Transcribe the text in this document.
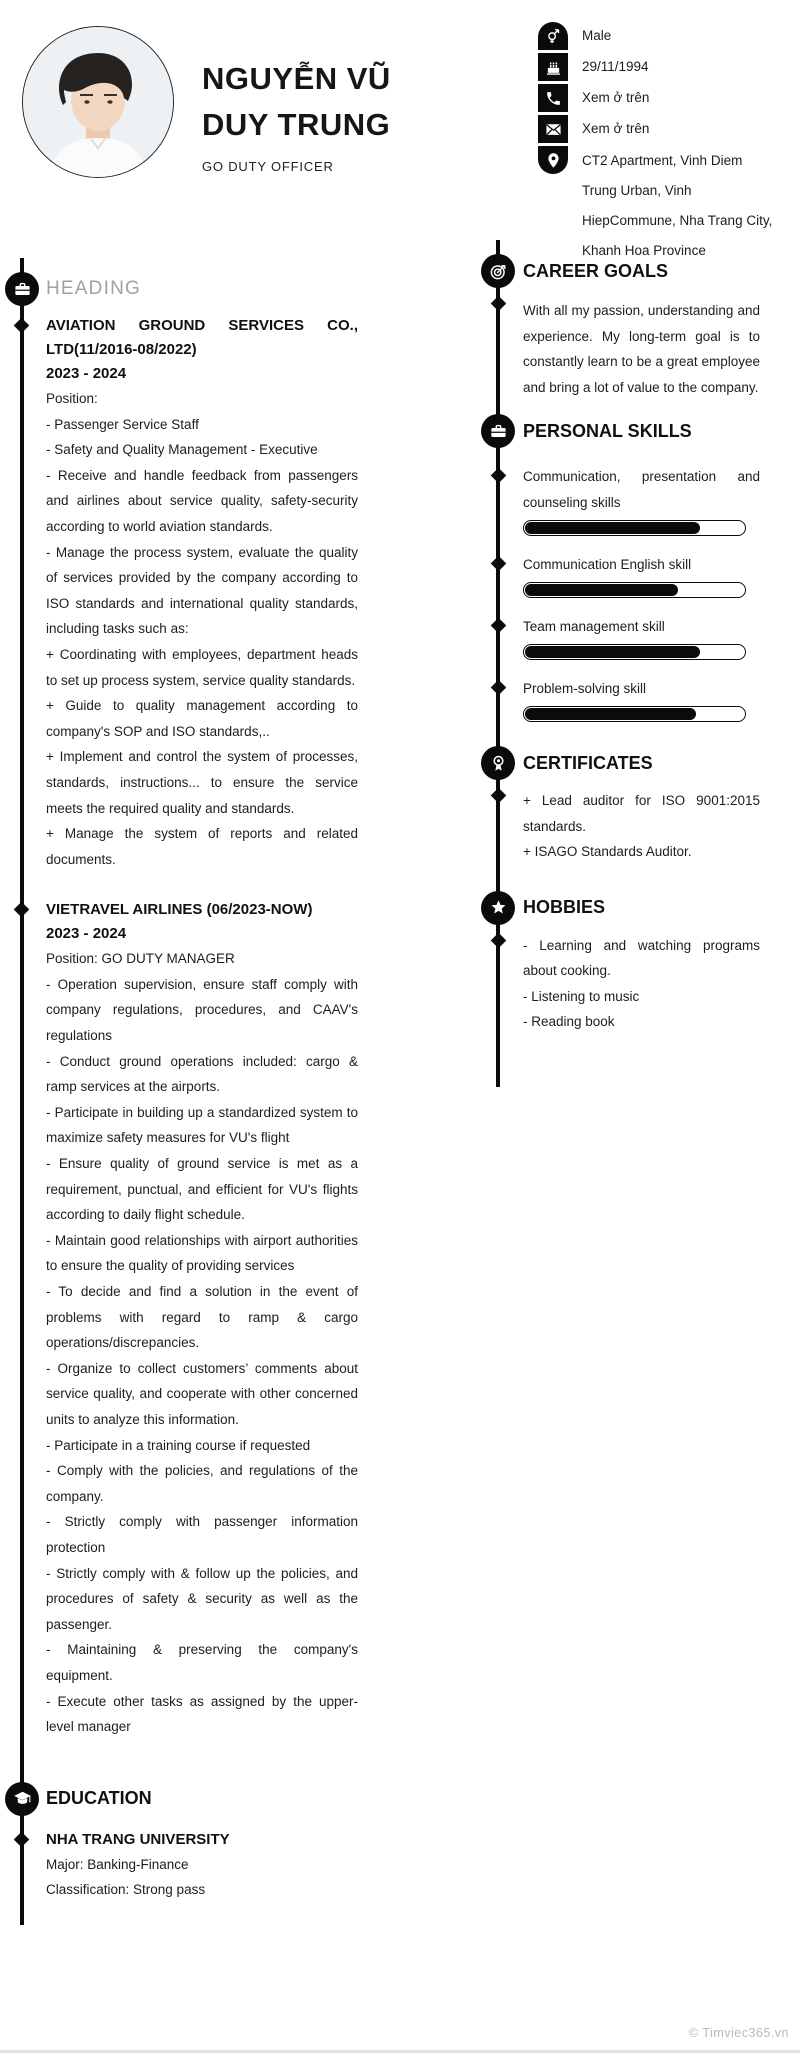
NGUYỄN VŨ
DUY TRUNG
GO DUTY OFFICER
Male
29/11/1994
Xem ở trên
Xem ở trên
CT2 Apartment, Vinh Diem Trung Urban, Vinh HiepCommune, Nha Trang City, Khanh Hoa Province
HEADING
AVIATION GROUND SERVICES CO., LTD(11/2016-08/2022)
2023 - 2024

Position:

- Passenger Service Staff

- Safety and Quality Management - Executive

- Receive and handle feedback from passengers and airlines about service quality, safety-security according to world aviation standards.

- Manage the process system, evaluate the quality of services provided by the company according to ISO standards and international quality standards, including tasks such as:

+ Coordinating with employees, department heads to set up process system, service quality standards.

+ Guide to quality management according to company's SOP and ISO standards,..

+ Implement and control the system of processes, standards, instructions... to ensure the service meets the required quality and standards.

+ Manage the system of reports and related documents.

VIETRAVEL AIRLINES (06/2023-NOW)
2023 - 2024

Position: GO DUTY MANAGER

- Operation supervision, ensure staff comply with company regulations, procedures, and CAAV's regulations

- Conduct ground operations included: cargo & ramp services at the airports.

- Participate in building up a standardized system to maximize safety measures for VU's flight

- Ensure quality of ground service is met as a requirement, punctual, and efficient for VU's flights according to daily flight schedule.

- Maintain good relationships with airport authorities to ensure the quality of providing services

- To decide and find a solution in the event of problems with regard to ramp & cargo operations/discrepancies.

- Organize to collect customers’ comments about service quality, and cooperate with other concerned units to analyze this information.

- Participate in a training course if requested

- Comply with the policies, and regulations of the company.

- Strictly comply with passenger information protection

- Strictly comply with & follow up the policies, and procedures of safety & security as well as the passenger.

- Maintaining & preserving the company's equipment.

- Execute other tasks as assigned by the upper-level manager

EDUCATION
NHA TRANG UNIVERSITY

Major: Banking-Finance

Classification: Strong pass

CAREER GOALS

With all my passion, understanding and experience. My long-term goal is to constantly learn to be a great employee and bring a lot of value to the company.

PERSONAL SKILLS
Communication, presentation and counseling skills
Communication English skill
Team management skill
Problem-solving skill
CERTIFICATES

+ Lead auditor for ISO 9001:2015 standards.

+ ISAGO Standards Auditor.

HOBBIES

- Learning and watching programs about cooking.

- Listening to music

- Reading book

© Timviec365.vn
